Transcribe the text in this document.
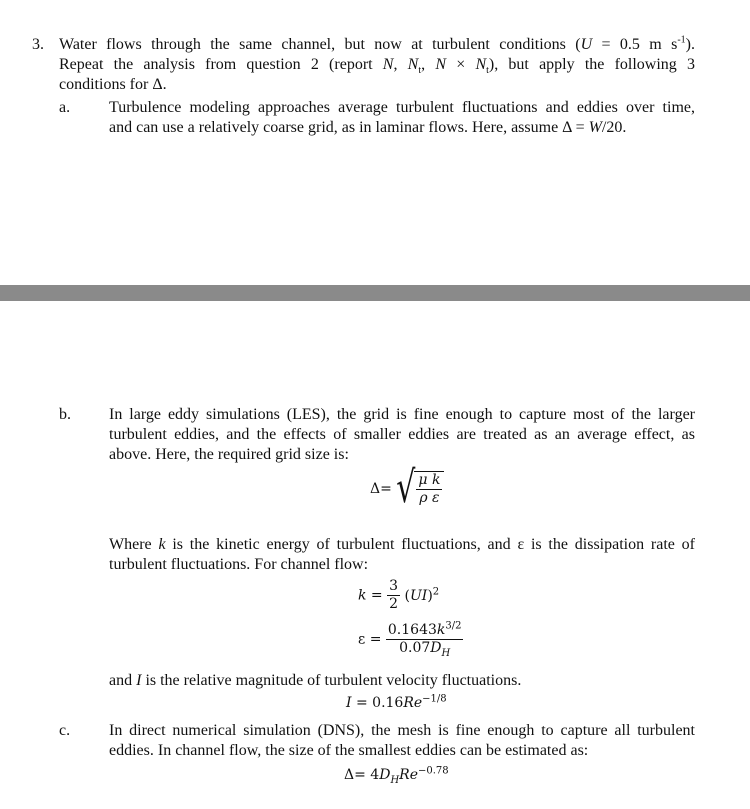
3. Water flows through the same channel, but now at turbulent conditions (U = 0.5 m $s^{-1}$).
Repeat the analysis from question 2 (report N, $N_t$, $N \times N_t$), but apply the following 3
conditions for Δ.
a. Turbulence modeling approaches average turbulent fluctuations and eddies over time,
and can use a relatively coarse grid, as in laminar flows. Here, assume Δ = W/20.
b. In large eddy simulations (LES), the grid is fine enough to capture most of the larger
turbulent eddies, and the effects of smaller eddies are treated as an average effect, as
above. Here, the required grid size is:
Δ= √ $\frac{\text{μ k}}{\text{ρ ε}}$
Where k is the kinetic energy of turbulent fluctuations, and ε is the dissipation rate of
turbulent fluctuations. For channel flow:
$k = \frac{3}{2} (UI)^2$
$\varepsilon = \frac{0.1643k^{3/2}}{0.07D_H}$
and I is the relative magnitude of turbulent velocity fluctuations.
$I = 0.16Re^{-1/8}$
c. In direct numerical simulation (DNS), the mesh is fine enough to capture all turbulent
eddies. In channel flow, the size of the smallest eddies can be estimated as:
$\Delta= 4D_HRe^{-0.78}$
